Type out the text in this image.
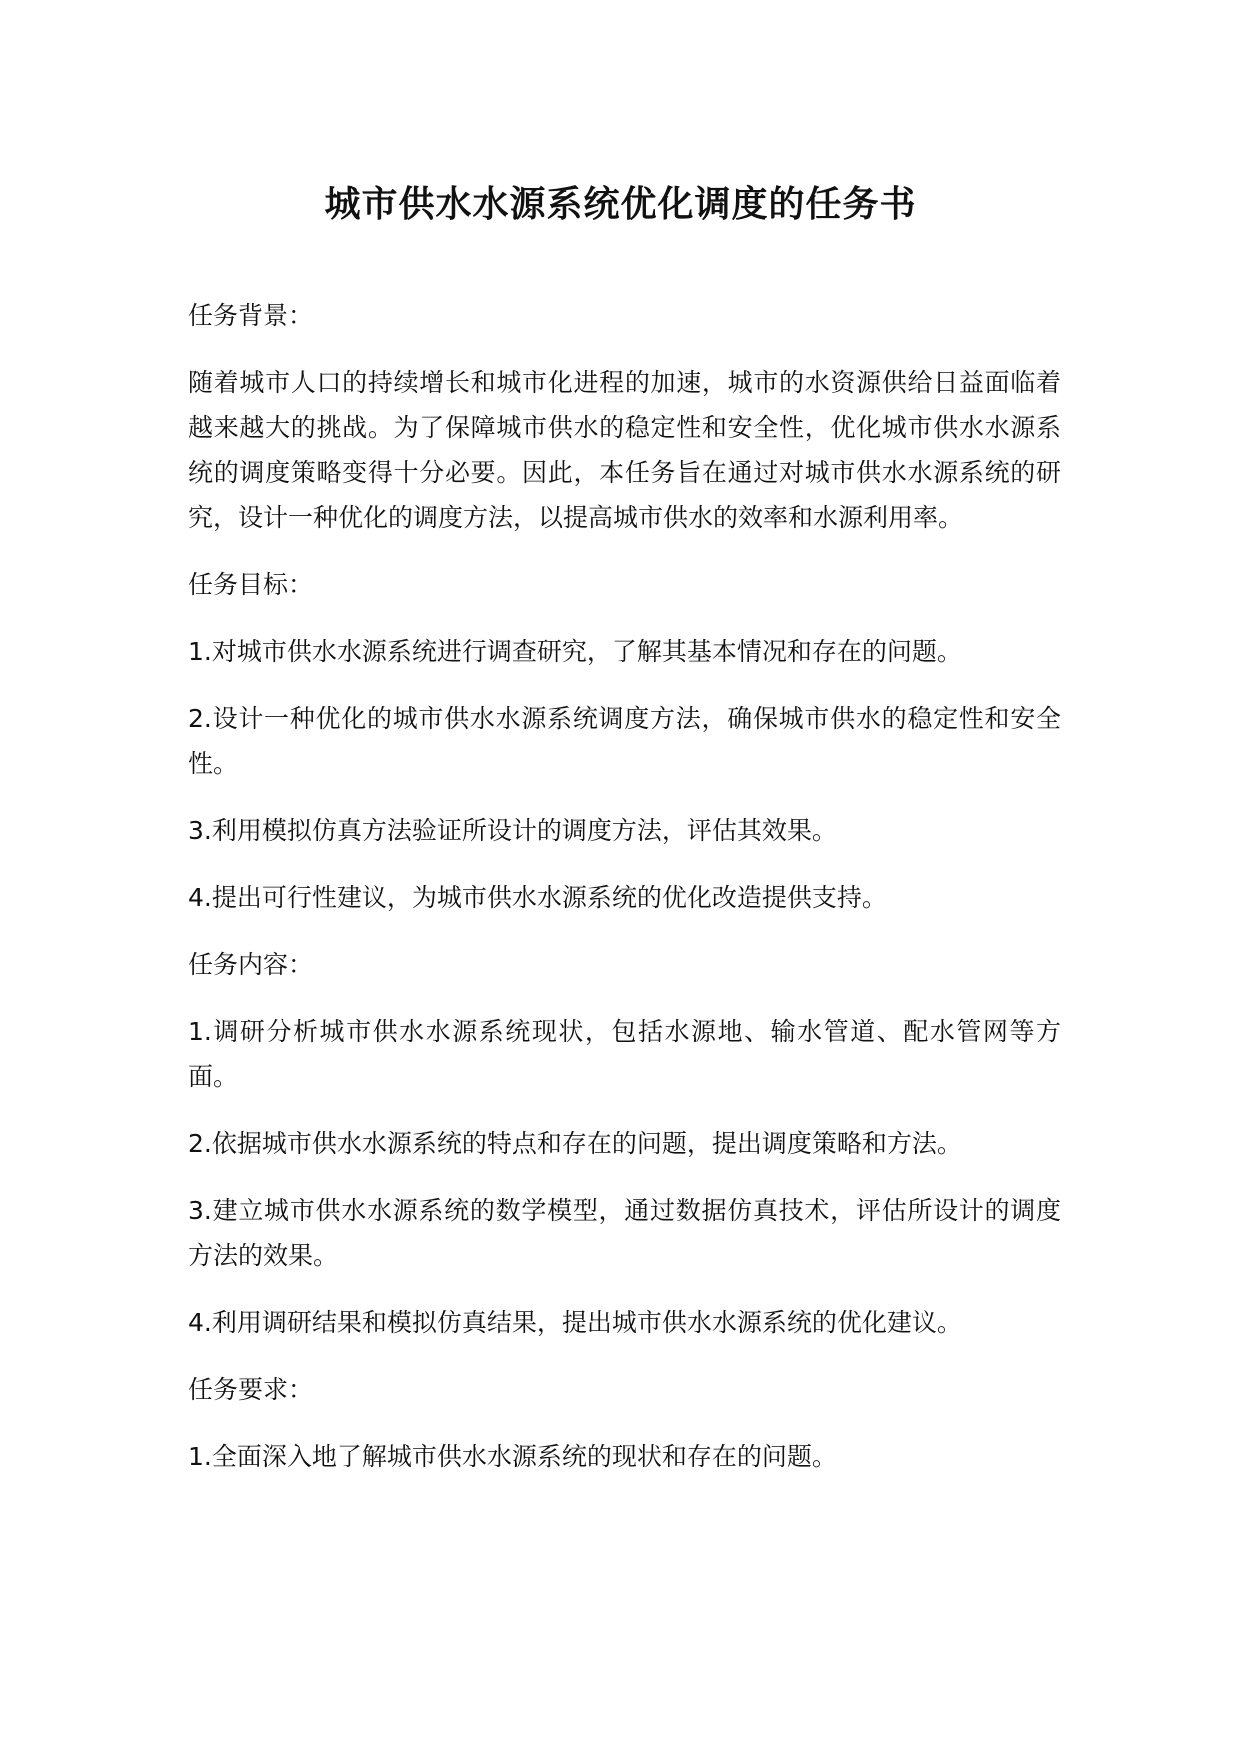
城市供水水源系统优化调度的任务书

任务背景：

随着城市人口的持续增长和城市化进程的加速，城市的水资源供给日益面临着越来越大的挑战。为了保障城市供水的稳定性和安全性，优化城市供水水源系统的调度策略变得十分必要。因此，本任务旨在通过对城市供水水源系统的研究，设计一种优化的调度方法，以提高城市供水的效率和水源利用率。

任务目标：

1.对城市供水水源系统进行调查研究，了解其基本情况和存在的问题。

2.设计一种优化的城市供水水源系统调度方法，确保城市供水的稳定性和安全性。

3.利用模拟仿真方法验证所设计的调度方法，评估其效果。

4.提出可行性建议，为城市供水水源系统的优化改造提供支持。

任务内容：

1.调研分析城市供水水源系统现状，包括水源地、输水管道、配水管网等方面。

2.依据城市供水水源系统的特点和存在的问题，提出调度策略和方法。

3.建立城市供水水源系统的数学模型，通过数据仿真技术，评估所设计的调度方法的效果。

4.利用调研结果和模拟仿真结果，提出城市供水水源系统的优化建议。

任务要求：

1.全面深入地了解城市供水水源系统的现状和存在的问题。
